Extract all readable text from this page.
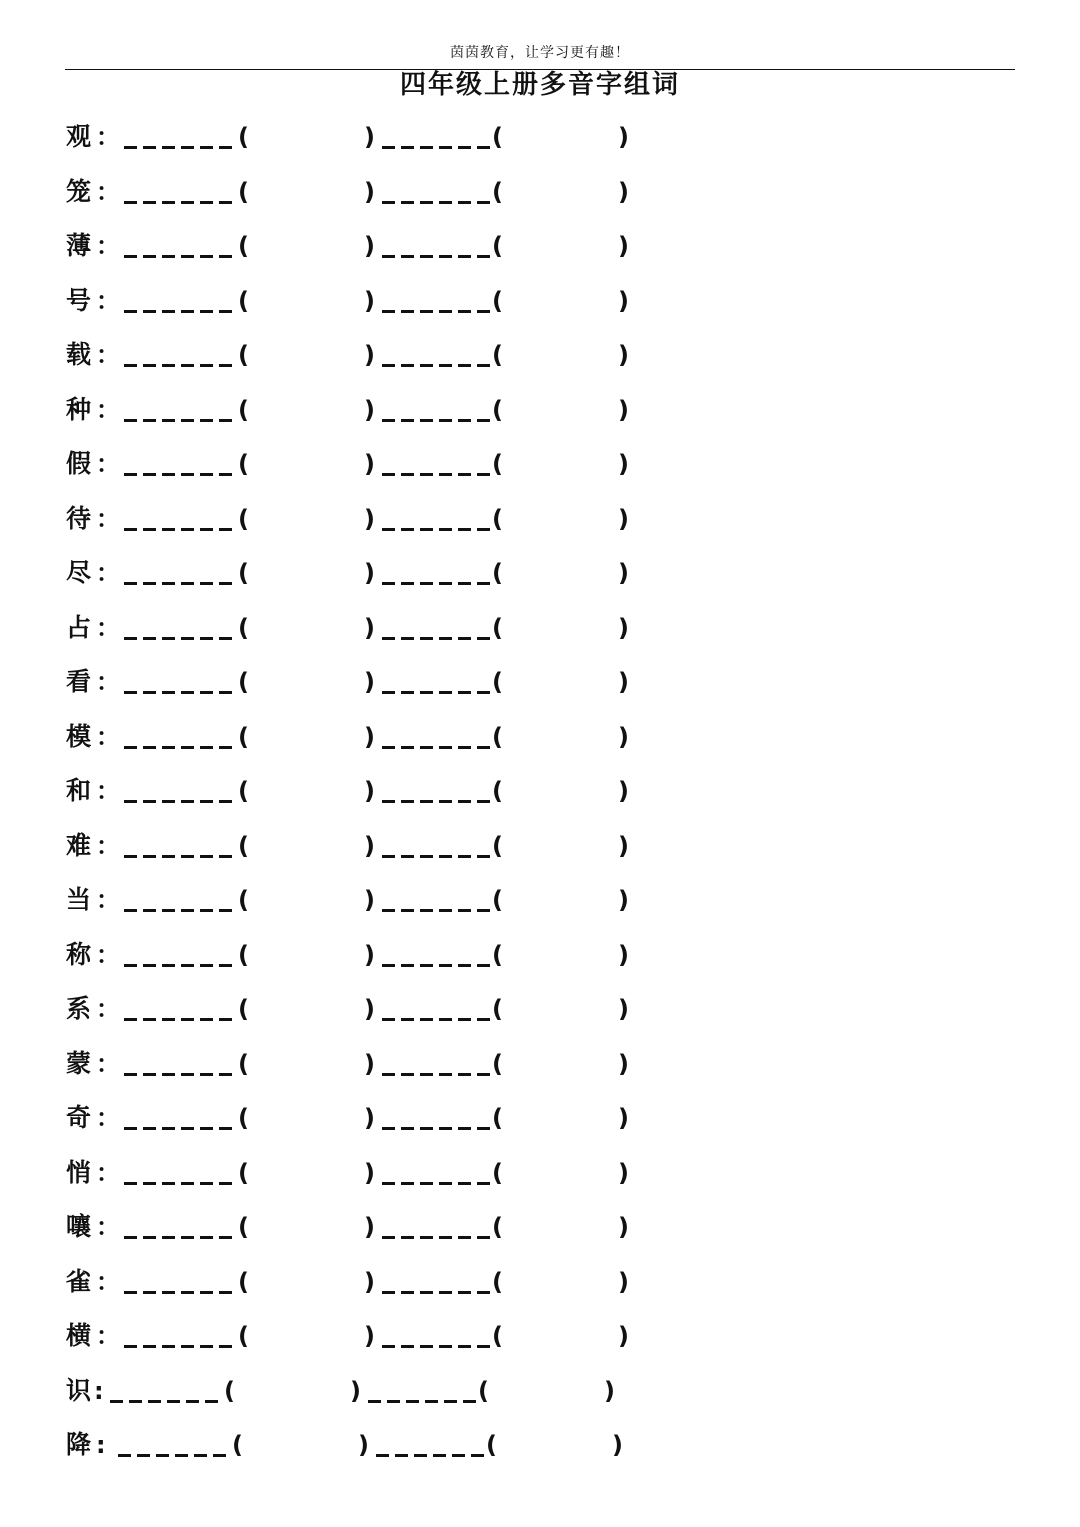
茵茵教育，让学习更有趣！
四年级上册多音字组词
观 ：	(	)	(	)
笼 ：	(	)	(	)
薄 ：	(	)	(	)
号 ：	(	)	(	)
载 ：	(	)	(	)
种 ：	(	)	(	)
假 ：	(	)	(	)
待 ：	(	)	(	)
尽 ：	(	)	(	)
占 ：	(	)	(	)
看 ：	(	)	(	)
模 ：	(	)	(	)
和 ：	(	)	(	)
难 ：	(	)	(	)
当 ：	(	)	(	)
称 ：	(	)	(	)
系 ：	(	)	(	)
蒙 ：	(	)	(	)
奇 ：	(	)	(	)
悄 ：	(	)	(	)
嚷 ：	(	)	(	)
雀 ：	(	)	(	)
横 ：	(	)	(	)
识 :	(	)	(	)
降 :	(	)	(	)
